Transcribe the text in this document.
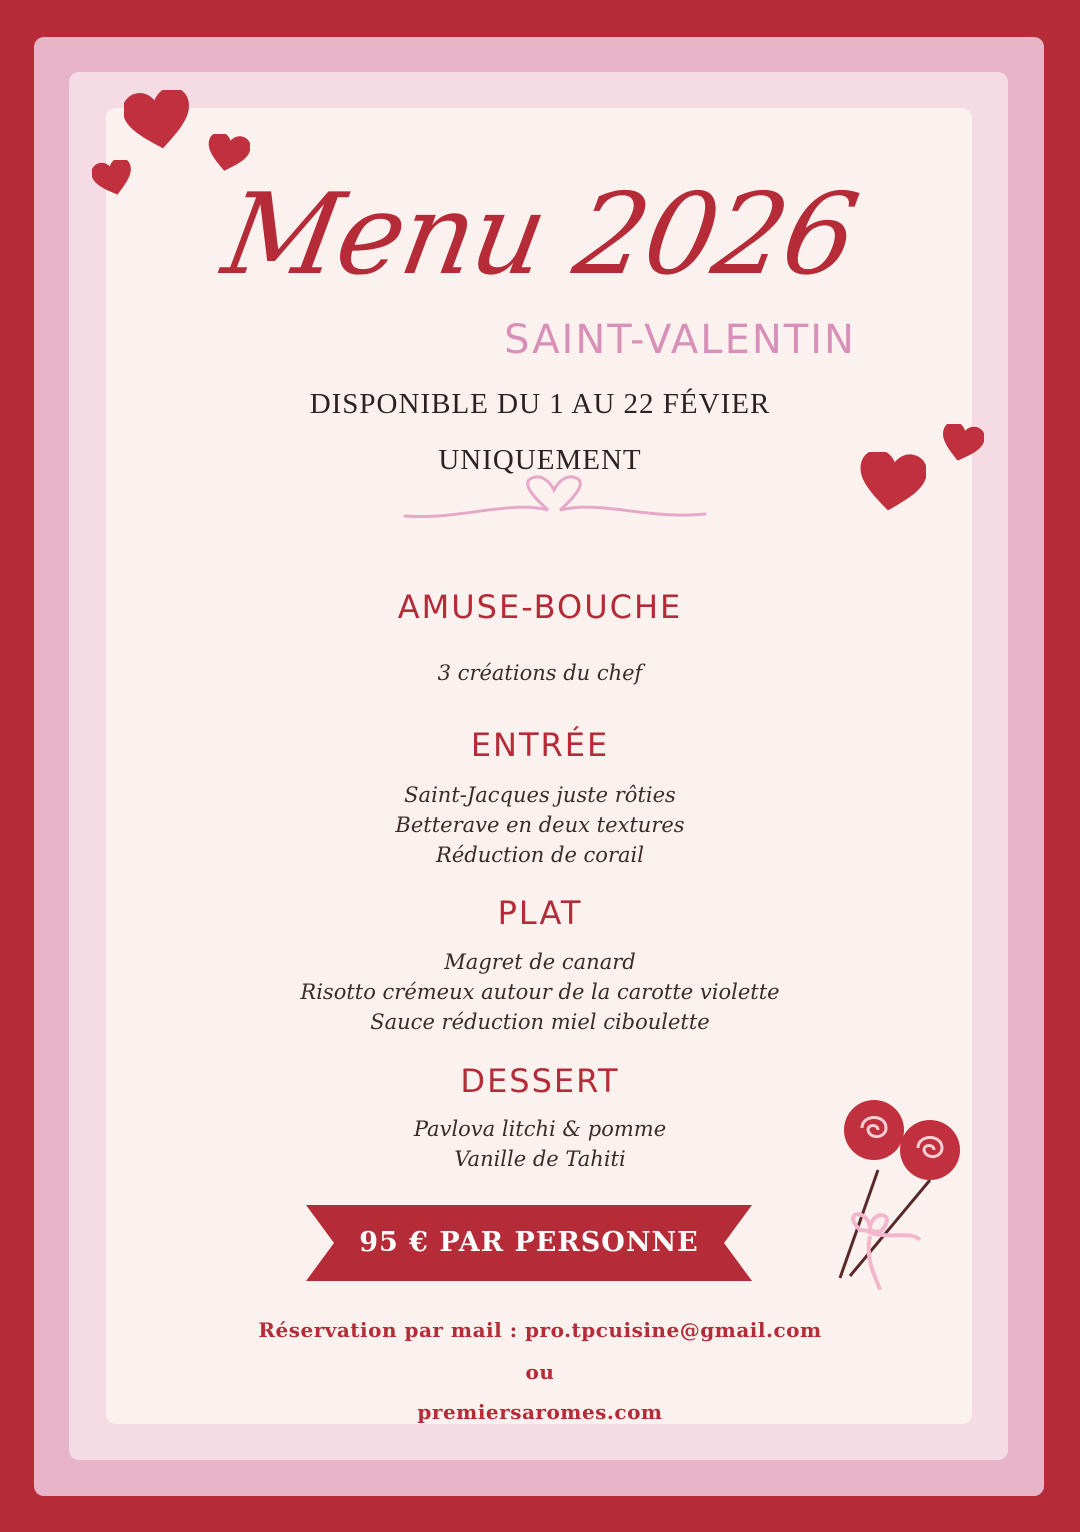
Menu 2026
SAINT-VALENTIN
DISPONIBLE DU 1 AU 22 FÉVIER
UNIQUEMENT
AMUSE-BOUCHE
3 créations du chef
ENTRÉE
Saint-Jacques juste rôties
Betterave en deux textures
Réduction de corail
PLAT
Magret de canard
Risotto crémeux autour de la carotte violette
Sauce réduction miel ciboulette
DESSERT
Pavlova litchi & pomme
Vanille de Tahiti
95 € PAR PERSONNE
Réservation par mail : pro.tpcuisine@gmail.com
ou
premiersaromes.com
